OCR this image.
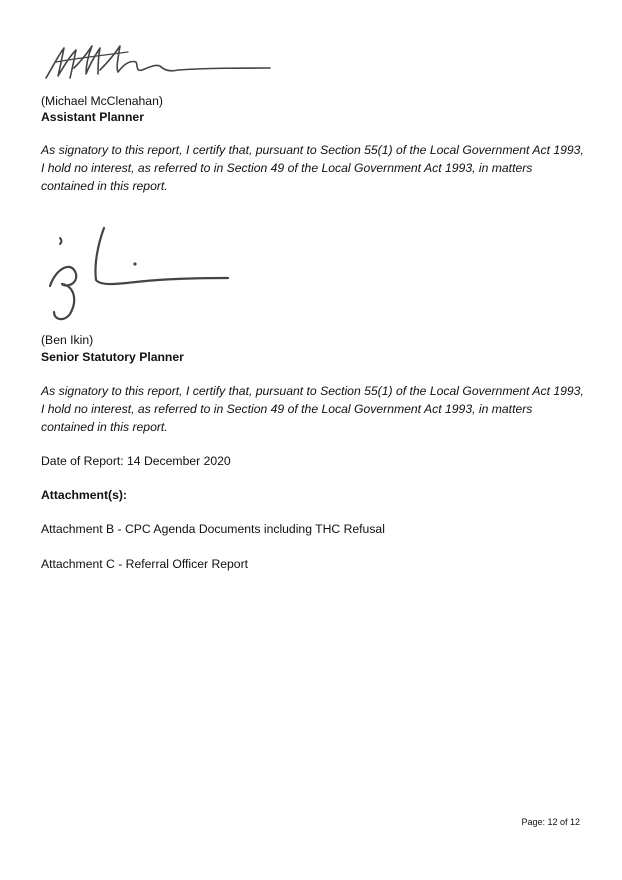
(Michael McClenahan)
Assistant Planner
As signatory to this report, I certify that, pursuant to Section 55(1) of the Local Government Act 1993, I hold no interest, as referred to in Section 49 of the Local Government Act 1993, in matters contained in this report.
(Ben Ikin)
Senior Statutory Planner
As signatory to this report, I certify that, pursuant to Section 55(1) of the Local Government Act 1993, I hold no interest, as referred to in Section 49 of the Local Government Act 1993, in matters contained in this report.
Date of Report: 14 December 2020
Attachment(s):
Attachment B - CPC Agenda Documents including THC Refusal
Attachment C - Referral Officer Report
Page: 12 of 12
